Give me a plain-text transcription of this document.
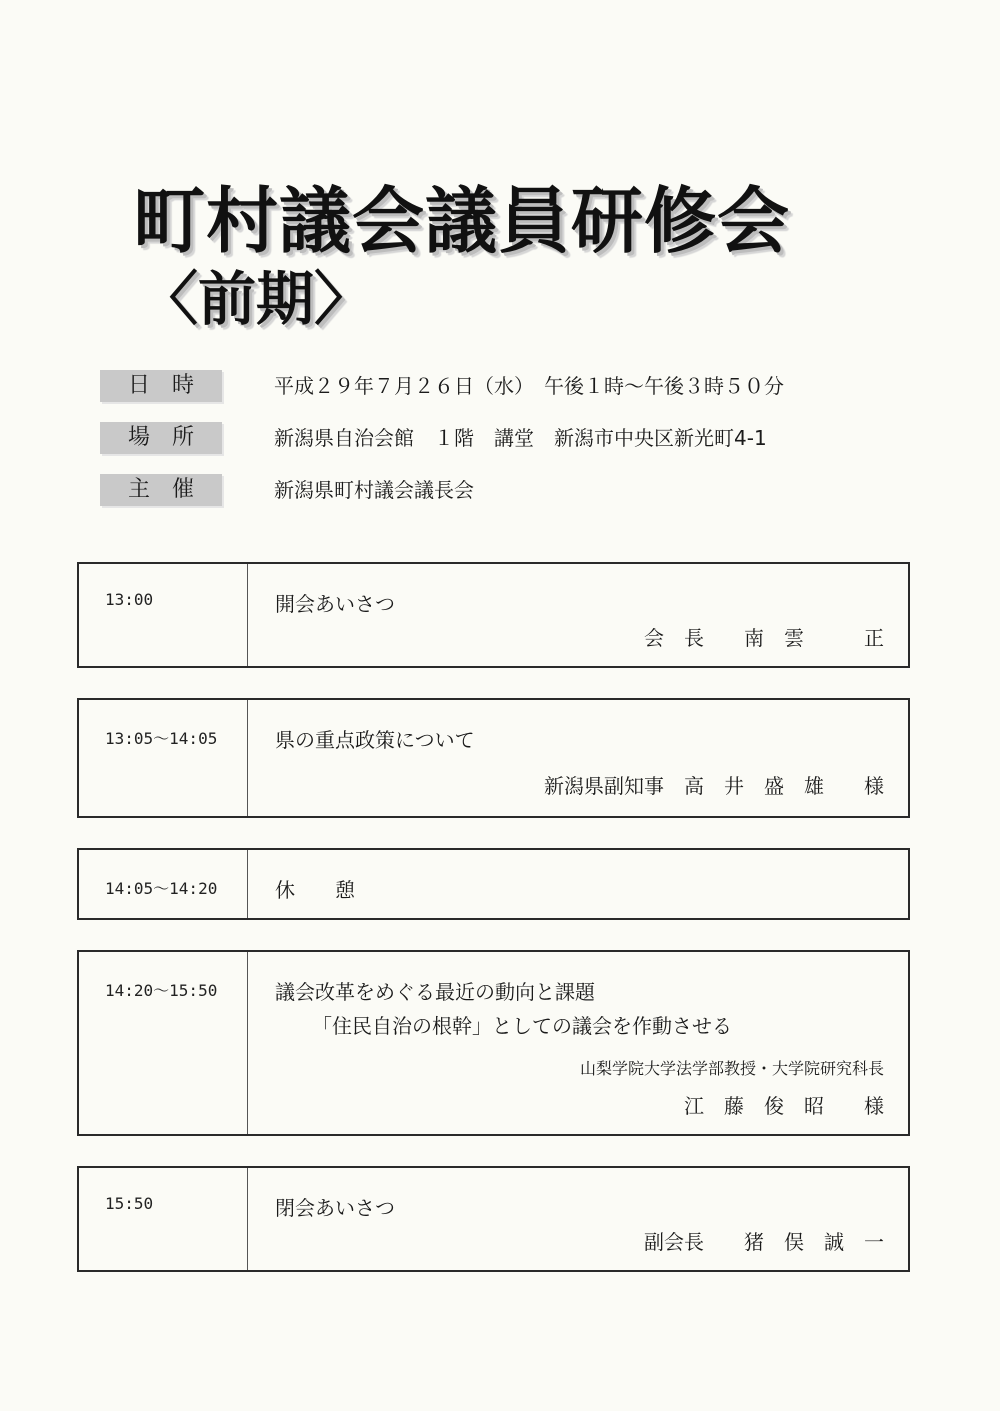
町村議会議員研修会
〈前期〉
日時	平成２９年７月２６日（水）　午後１時～午後３時５０分
場所	新潟県自治会館　１階　講堂　新潟市中央区新光町4-1
主催	新潟県町村議会議長会
13:00	開会あいさつ
会　長　　南　雲　　　正
13:05～14:05	県の重点政策について
新潟県副知事　高　井　盛　雄　　様
14:05～14:20	休　　憩
14:20～15:50	議会改革をめぐる最近の動向と課題
「住民自治の根幹」としての議会を作動させる
山梨学院大学法学部教授・大学院研究科長
江　藤　俊　昭　　様
15:50	閉会あいさつ
副会長　　猪　俣　誠　一
